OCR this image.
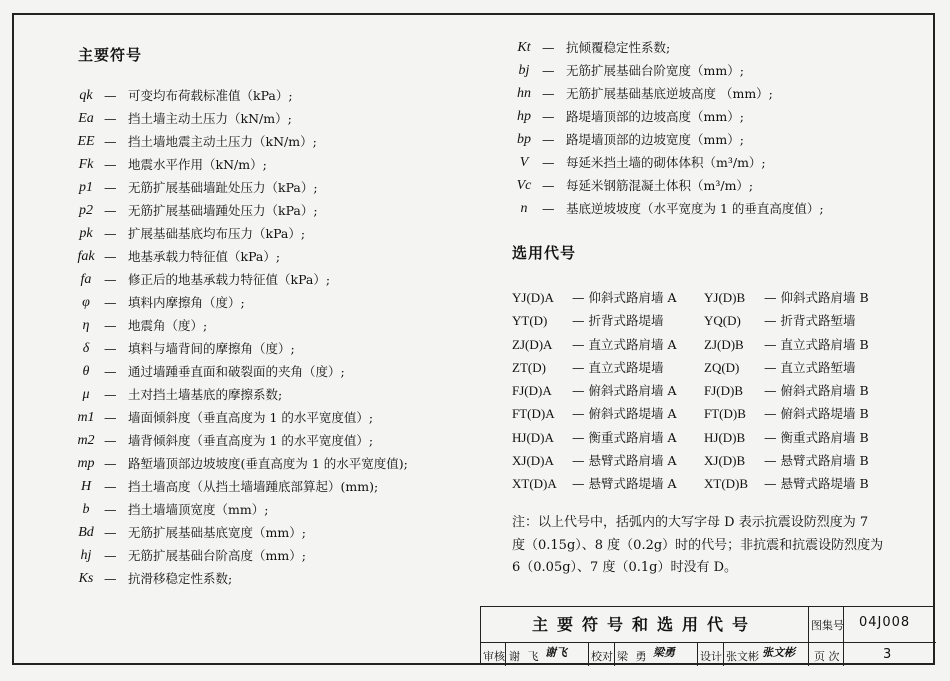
主要符号
qk — 可变均布荷载标准值（kPa）;
Ea — 挡土墙主动土压力（kN/m）;
EE — 挡土墙地震主动土压力（kN/m）;
Fk — 地震水平作用（kN/m）;
p1 — 无筋扩展基础墙趾处压力（kPa）;
p2 — 无筋扩展基础墙踵处压力（kPa）;
pk — 扩展基础基底均布压力（kPa）;
fak — 地基承载力特征值（kPa）;
fa	— 修正后的地基承载力特征值（kPa）;
φ	— 填料内摩擦角（度）;
η	— 地震角（度）;
δ	— 填料与墙背间的摩擦角（度）;
θ	— 通过墙踵垂直面和破裂面的夹角（度）;
μ	— 土对挡土墙基底的摩擦系数;
m1 — 墙面倾斜度（垂直高度为 1 的水平宽度值）;
m2 — 墙背倾斜度（垂直高度为 1 的水平宽度值）;
mp — 路堑墙顶部边坡坡度(垂直高度为 1 的水平宽度值);
H	— 挡土墙高度（从挡土墙墙踵底部算起）(mm);
b	— 挡土墙墙顶宽度（mm）;
Bd — 无筋扩展基础基底宽度（mm）;
hj	— 无筋扩展基础台阶高度（mm）;
Ks — 抗滑移稳定性系数;
Kt — 抗倾覆稳定性系数;
bj	— 无筋扩展基础台阶宽度（mm）;
hn — 无筋扩展基础基底逆坡高度 （mm）;
hp — 路堤墙顶部的边坡高度（mm）;
bp — 路堤墙顶部的边坡宽度（mm）;
V	— 每延米挡土墙的砌体体积（m³/m）;
Vc — 每延米钢筋混凝土体积（m³/m）;
n	— 基底逆坡坡度（水平宽度为 1 的垂直高度值）;
选用代号
YJ(D)A — 仰斜式路肩墙 A YJ(D)B — 仰斜式路肩墙 B
YT(D) — 折背式路堤墙	YQ(D) — 折背式路堑墙
ZJ(D)A — 直立式路肩墙 A ZJ(D)B — 直立式路肩墙 B
ZT(D) — 直立式路堤墙	ZQ(D) — 直立式路堑墙
FJ(D)A — 俯斜式路肩墙 A FJ(D)B — 俯斜式路肩墙 B
FT(D)A — 俯斜式路堤墙 A FT(D)B — 俯斜式路堤墙 B
HJ(D)A — 衡重式路肩墙 A HJ(D)B — 衡重式路肩墙 B
XJ(D)A — 悬臂式路肩墙 A XJ(D)B — 悬臂式路肩墙 B
XT(D)A — 悬臂式路堤墙 A XT(D)B — 悬臂式路堤墙 B
注：以上代号中，括弧内的大写字母 D 表示抗震设防烈度为 7 度（0.15g）、8 度（0.2g）时的代号；非抗震和抗震设防烈度为 6（0.05g）、7 度（0.1g）时没有 D。
主要符号和选用代号	图集号 04J008
审核 谢 飞 谢飞 校对 梁 勇 梁勇 设计 张文彬 张文彬 页 次	3
